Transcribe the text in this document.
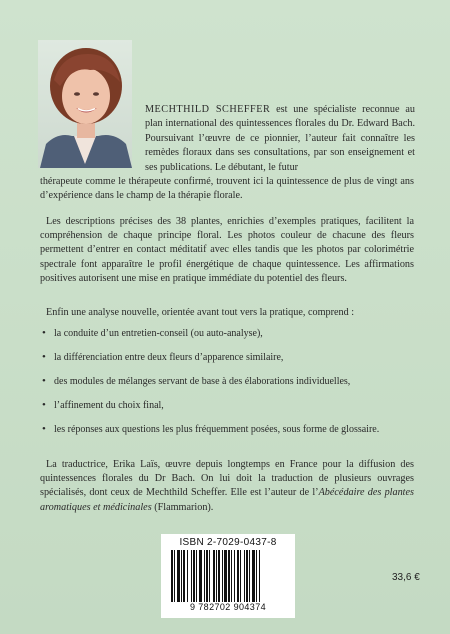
MECHTHILD SCHEFFER est une spécialiste reconnue au plan international des quintessences florales du Dr. Edward Bach. Poursuivant l’œuvre de ce pionnier, l’auteur fait connaître les remèdes floraux dans ses consultations, par son enseignement et ses publications. Le débutant, le futur
thérapeute comme le thérapeute confirmé, trouvent ici la quintessence de plus de vingt ans d’expérience dans le champ de la thérapie florale.
Les descriptions précises des 38 plantes, enrichies d’exemples pratiques, facilitent la compréhension de chaque principe floral. Les photos couleur de chacune des fleurs permettent d’entrer en contact méditatif avec elles tandis que les photos par colorimétrie spectrale font apparaître le profil énergétique de chaque quintessence. Les affirmations positives autorisent une mise en pratique immédiate du potentiel des fleurs.
Enfin une analyse nouvelle, orientée avant tout vers la pratique, comprend :
• la conduite d’un entretien-conseil (ou auto-analyse),
• la différenciation entre deux fleurs d’apparence similaire,
• des modules de mélanges servant de base à des élaborations individuelles,
• l’affinement du choix final,
• les réponses aux questions les plus fréquemment posées, sous forme de glossaire.
La traductrice, Erika Laïs, œuvre depuis longtemps en France pour la diffusion des quintessences florales du Dr Bach. On lui doit la traduction de plusieurs ouvrages spécialisés, dont ceux de Mechthild Scheffer. Elle est l’auteur de l’Abécédaire des plantes aromatiques et médicinales (Flammarion).
ISBN 2-7029-0437-8
9 782702 904374
33,6 €
